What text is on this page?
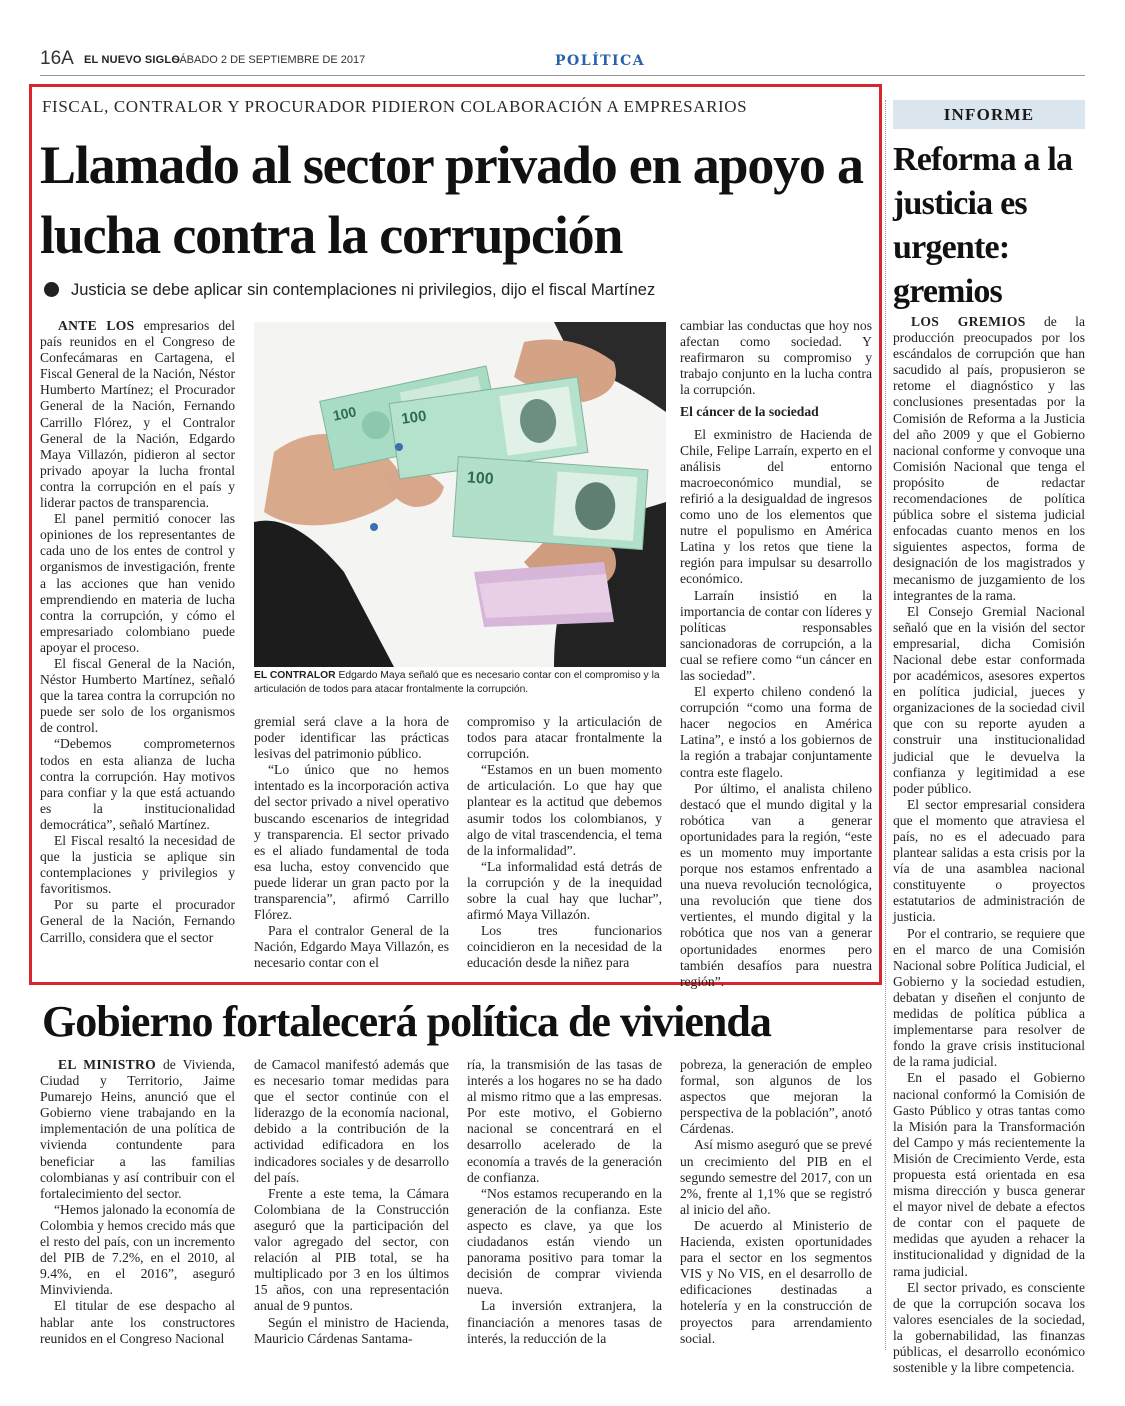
16A EL NUEVO SIGLO
SÁBADO 2 DE SEPTIEMBRE DE 2017	POLÍTICA
FISCAL, CONTRALOR Y PROCURADOR PIDIERON COLABORACIÓN A EMPRESARIOS
Llamado al sector privado en apoyo a lucha contra la corrupción
Justicia se debe aplicar sin contemplaciones ni privilegios, dijo el fiscal Martínez

ANTE LOS empresarios del país reunidos en el Congreso de Confecámaras en Cartagena, el Fiscal General de la Nación, Néstor Humberto Martínez; el Procurador General de la Nación, Fernando Carrillo Flórez, y el Contralor General de la Nación, Edgardo Maya Villazón, pidieron al sector privado apoyar la lucha frontal contra la corrupción en el país y liderar pactos de transparencia.

El panel permitió conocer las opiniones de los representantes de cada uno de los entes de control y organismos de investigación, frente a las acciones que han venido emprendiendo en materia de lucha contra la corrupción, y cómo el empresariado colombiano puede apoyar el proceso.

El fiscal General de la Nación, Néstor Humberto Martínez, señaló que la tarea contra la corrupción no puede ser solo de los organismos de control.

“Debemos comprometernos todos en esta alianza de lucha contra la corrupción. Hay motivos para confiar y la que está actuando es la institucionalidad democrática”, señaló Martínez.

El Fiscal resaltó la necesidad de que la justicia se aplique sin contemplaciones y privilegios y favoritismos.

Por su parte el procurador General de la Nación, Fernando Carrillo, considera que el sector

100	100
100
EL CONTRALOR Edgardo Maya señaló que es necesario contar con el compromiso y la articulación de todos para atacar frontalmente la corrupción.

gremial será clave a la hora de poder identificar las prácticas lesivas del patrimonio público.

“Lo único que no hemos intentado es la incorporación activa del sector privado a nivel operativo buscando escenarios de integridad y transparencia. El sector privado es el aliado fundamental de toda esa lucha, estoy convencido que puede liderar un gran pacto por la transparencia”, afirmó Carrillo Flórez.

Para el contralor General de la Nación, Edgardo Maya Villazón, es necesario contar con el

compromiso y la articulación de todos para atacar frontalmente la corrupción.

“Estamos en un buen momento de articulación. Lo que hay que plantear es la actitud que debemos asumir todos los colombianos, y algo de vital trascendencia, el tema de la informalidad”.

“La informalidad está detrás de la corrupción y de la inequidad sobre la cual hay que luchar”, afirmó Maya Villazón.

Los tres funcionarios coincidieron en la necesidad de la educación desde la niñez para

cambiar las conductas que hoy nos afectan como sociedad. Y reafirmaron su compromiso y trabajo conjunto en la lucha contra la corrupción.

El cáncer de la sociedad

El exministro de Hacienda de Chile, Felipe Larraín, experto en el análisis del entorno macroeconómico mundial, se refirió a la desigualdad de ingresos como uno de los elementos que nutre el populismo en América Latina y los retos que tiene la región para impulsar su desarrollo económico.

Larraín insistió en la importancia de contar con líderes y políticas responsables sancionadoras de corrupción, a la cual se refiere como “un cáncer en las sociedad”.

El experto chileno condenó la corrupción “como una forma de hacer negocios en América Latina”, e instó a los gobiernos de la región a trabajar conjuntamente contra este flagelo.

Por último, el analista chileno destacó que el mundo digital y la robótica van a generar oportunidades para la región, “este es un momento muy importante porque nos estamos enfrentado a una nueva revolución tecnológica, una revolución que tiene dos vertientes, el mundo digital y la robótica que nos van a generar oportunidades enormes pero también desafíos para nuestra región”.

Gobierno fortalecerá política de vivienda

EL MINISTRO de Vivienda, Ciudad y Territorio, Jaime Pumarejo Heins, anunció que el Gobierno viene trabajando en la implementación de una política de vivienda contundente para beneficiar a las familias colombianas y así contribuir con el fortalecimiento del sector.

“Hemos jalonado la economía de Colombia y hemos crecido más que el resto del país, con un incremento del PIB de 7.2%, en el 2010, al 9.4%, en el 2016”, aseguró Minvivienda.

El titular de ese despacho al hablar ante los constructores reunidos en el Congreso Nacional

de Camacol manifestó además que es necesario tomar medidas para que el sector continúe con el liderazgo de la economía nacional, debido a la contribución de la actividad edificadora en los indicadores sociales y de desarrollo del país.

Frente a este tema, la Cámara Colombiana de la Construcción aseguró que la participación del valor agregado del sector, con relación al PIB total, se ha multiplicado por 3 en los últimos 15 años, con una representación anual de 9 puntos.

Según el ministro de Hacienda, Mauricio Cárdenas Santama-

ría, la transmisión de las tasas de interés a los hogares no se ha dado al mismo ritmo que a las empresas. Por este motivo, el Gobierno nacional se concentrará en el desarrollo acelerado de la economía a través de la generación de confianza.

“Nos estamos recuperando en la generación de la confianza. Este aspecto es clave, ya que los ciudadanos están viendo un panorama positivo para tomar la decisión de comprar vivienda nueva.

La inversión extranjera, la financiación a menores tasas de interés, la reducción de la

pobreza, la generación de empleo formal, son algunos de los aspectos que mejoran la perspectiva de la población”, anotó Cárdenas.

Así mismo aseguró que se prevé un crecimiento del PIB en el segundo semestre del 2017, con un 2%, frente al 1,1% que se registró al inicio del año.

De acuerdo al Ministerio de Hacienda, existen oportunidades para el sector en los segmentos VIS y No VIS, en el desarrollo de edificaciones destinadas a hotelería y en la construcción de proyectos para arrendamiento social.

INFORME
Reforma a la justicia es urgente: gremios

LOS GREMIOS de la producción preocupados por los escándalos de corrupción que han sacudido al país, propusieron se retome el diagnóstico y las conclusiones presentadas por la Comisión de Reforma a la Justicia del año 2009 y que el Gobierno nacional conforme y convoque una Comisión Nacional que tenga el propósito de redactar recomendaciones de política pública sobre el sistema judicial enfocadas cuanto menos en los siguientes aspectos, forma de designación de los magistrados y mecanismo de juzgamiento de los integrantes de la rama.

El Consejo Gremial Nacional señaló que en la visión del sector empresarial, dicha Comisión Nacional debe estar conformada por académicos, asesores expertos en política judicial, jueces y organizaciones de la sociedad civil que con su reporte ayuden a construir una institucionalidad judicial que le devuelva la confianza y legitimidad a ese poder público.

El sector empresarial considera que el momento que atraviesa el país, no es el adecuado para plantear salidas a esta crisis por la vía de una asamblea nacional constituyente o proyectos estatutarios de administración de justicia.

Por el contrario, se requiere que en el marco de una Comisión Nacional sobre Política Judicial, el Gobierno y la sociedad estudien, debatan y diseñen el conjunto de medidas de política pública a implementarse para resolver de fondo la grave crisis institucional de la rama judicial.

En el pasado el Gobierno nacional conformó la Comisión de Gasto Público y otras tantas como la Misión para la Transformación del Campo y más recientemente la Misión de Crecimiento Verde, esta propuesta está orientada en esa misma dirección y busca generar el mayor nivel de debate a efectos de contar con el paquete de medidas que ayuden a rehacer la institucionalidad y dignidad de la rama judicial.

El sector privado, es consciente de que la corrupción socava los valores esenciales de la sociedad, la gobernabilidad, las finanzas públicas, el desarrollo económico sostenible y la libre competencia.
